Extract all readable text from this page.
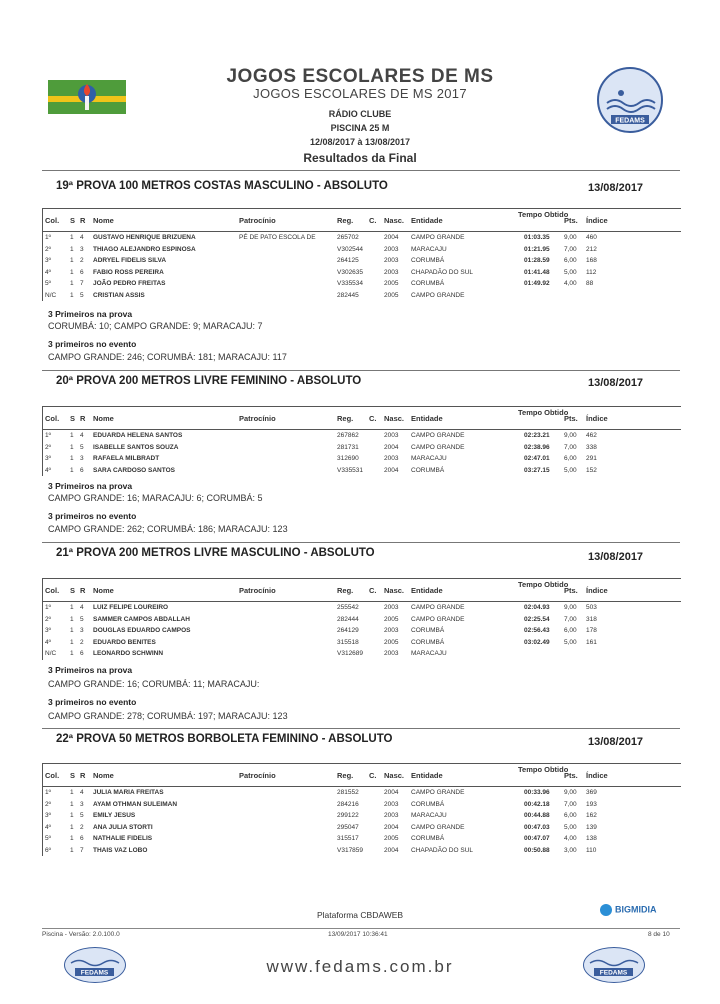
JOGOS ESCOLARES DE MS
JOGOS ESCOLARES DE MS 2017
RÁDIO CLUBE
PISCINA 25 M
12/08/2017 à 13/08/2017
Resultados da Final
FEDAMS
19ª PROVA 100 METROS COSTAS MASCULINO - ABSOLUTO	13/08/2017
Col. S R Nome	Patrocínio	Reg. C. Nasc. Entidade
Tempo Obtido
Pts. Índice
1º	1 4 GUSTAVO HENRIQUE BRIZUENA	PÉ DE PATO ESCOLA DE	265702	2004 CAMPO GRANDE	01:03.35 9,00 460
2º	1 3 THIAGO ALEJANDRO ESPINOSA	V302544	2003 MARACAJU	01:21.95 7,00 212
3º	1 2 ADRYEL FIDELIS SILVA	264125	2003 CORUMBÁ	01:28.59 6,00 168
4º	1 6 FABIO ROSS PEREIRA	V302635	2003 CHAPADÃO DO SUL	01:41.48 5,00 112
5º	1 7 JOÃO PEDRO FREITAS	V335534	2005 CORUMBÁ	01:49.92 4,00 88
N/C 1 5 CRISTIAN ASSIS	282445	2005 CAMPO GRANDE
3 Primeiros na prova
CORUMBÁ: 10; CAMPO GRANDE: 9; MARACAJU: 7
3 primeiros no evento
CAMPO GRANDE: 246; CORUMBÁ: 181; MARACAJU: 117
20ª PROVA 200 METROS LIVRE FEMININO - ABSOLUTO	13/08/2017
Col. S R Nome	Patrocínio	Reg. C. Nasc. Entidade
Tempo Obtido
Pts. Índice
1º	1 4 EDUARDA HELENA SANTOS	267862	2003 CAMPO GRANDE	02:23.21 9,00 462
2º	1 5 ISABELLE SANTOS SOUZA	281731	2004 CAMPO GRANDE	02:38.96 7,00 338
3º	1 3 RAFAELA MILBRADT	312690	2003 MARACAJU	02:47.01 6,00 291
4º	1 6 SARA CARDOSO SANTOS	V335531	2004 CORUMBÁ	03:27.15 5,00 152
3 Primeiros na prova
CAMPO GRANDE: 16; MARACAJU: 6; CORUMBÁ: 5
3 primeiros no evento
CAMPO GRANDE: 262; CORUMBÁ: 186; MARACAJU: 123
21ª PROVA 200 METROS LIVRE MASCULINO - ABSOLUTO	13/08/2017
Col. S R Nome	Patrocínio	Reg. C. Nasc. Entidade
Tempo Obtido
Pts. Índice
1º	1 4 LUIZ FELIPE LOUREIRO	255542	2003 CAMPO GRANDE	02:04.93 9,00 503
2º	1 5 SAMMER CAMPOS ABDALLAH	282444	2005 CAMPO GRANDE	02:25.54 7,00 318
3º	1 3 DOUGLAS EDUARDO CAMPOS	264129	2003 CORUMBÁ	02:56.43 6,00 178
4º	1 2 EDUARDO BENITES	315518	2005 CORUMBÁ	03:02.49 5,00 161
N/C 1 6 LEONARDO SCHWINN	V312689	2003 MARACAJU
3 Primeiros na prova
CAMPO GRANDE: 16; CORUMBÁ: 11; MARACAJU:
3 primeiros no evento
CAMPO GRANDE: 278; CORUMBÁ: 197; MARACAJU: 123
22ª PROVA 50 METROS BORBOLETA FEMININO - ABSOLUTO	13/08/2017
Col. S R Nome	Patrocínio	Reg. C. Nasc. Entidade
Tempo Obtido
Pts. Índice
1º	1 4 JULIA MARIA FREITAS	281552	2004 CAMPO GRANDE	00:33.96 9,00 369
2º	1 3 AYAM OTHMAN SULEIMAN	284216	2003 CORUMBÁ	00:42.18 7,00 193
3º	1 5 EMILY JESUS	299122	2003 MARACAJU	00:44.88 6,00 162
4º	1 2 ANA JULIA STORTI	295047	2004 CAMPO GRANDE	00:47.03 5,00 139
5º	1 6 NATHALIE FIDELIS	315517	2005 CORUMBÁ	00:47.07 4,00 138
6º	1 7 THAIS VAZ LOBO	V317859	2004 CHAPADÃO DO SUL	00:50.88 3,00 110
Plataforma CBDAWEB
BIGMIDIA
Piscina - Versão: 2.0.100.0	13/09/2017 10:36:41	8 de 10
FEDAMS	www.fedams.com.br	FEDAMS
